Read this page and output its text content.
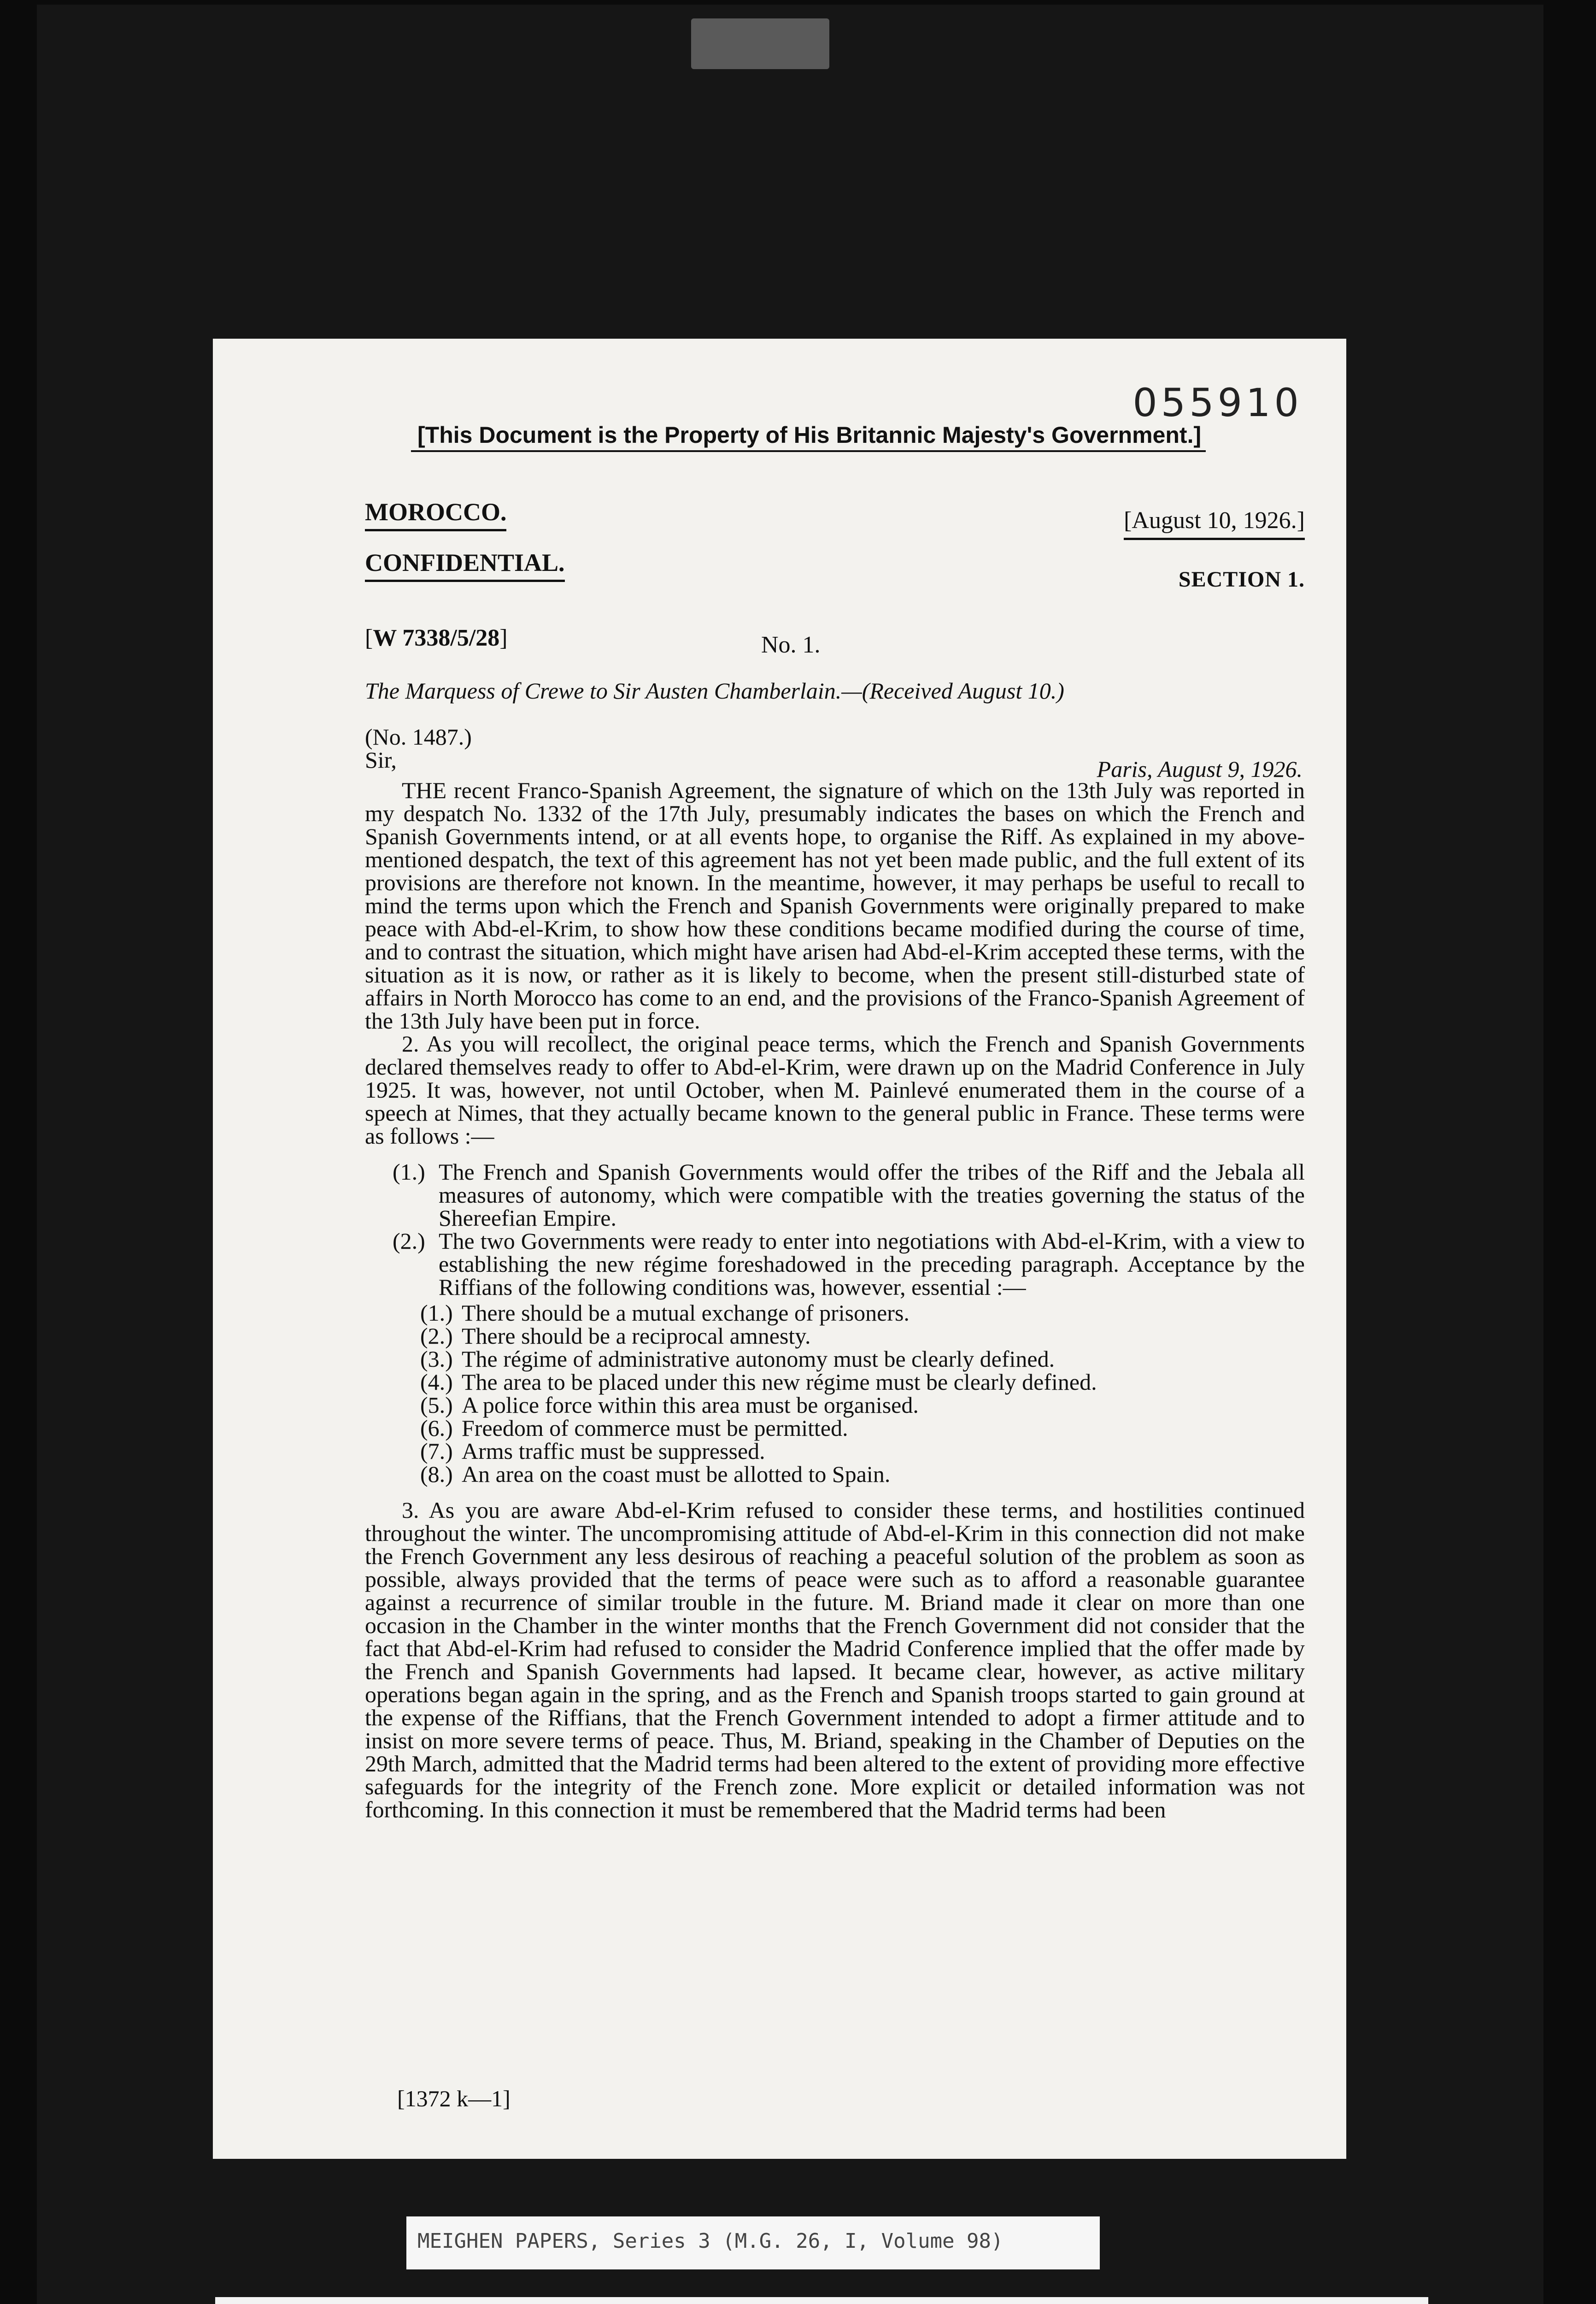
055910
[ This Document is the Property of His Britannic Majesty's Government. ]
MOROCCO.
CONFIDENTIAL.
[ August 10, 1926. ]
SECTION 1.
[ W 7338/5/28 ]	No. 1.
The Marquess of Crewe to Sir Austen Chamberlain.—(Received August 10.)
(No. 1487.)
Sir,	Paris, August 9, 1926.

THE recent Franco-Spanish Agreement, the signature of which on the 13th July was reported in my despatch No. 1332 of the 17th July, presumably indicates the bases on which the French and Spanish Governments intend, or at all events hope, to organise the Riff. As explained in my above-mentioned despatch, the text of this agreement has not yet been made public, and the full extent of its provisions are therefore not known. In the meantime, however, it may perhaps be useful to recall to mind the terms upon which the French and Spanish Governments were originally prepared to make peace with Abd-el-Krim, to show how these conditions became modified during the course of time, and to contrast the situation, which might have arisen had Abd-el-Krim accepted these terms, with the situation as it is now, or rather as it is likely to become, when the present still-disturbed state of affairs in North Morocco has come to an end, and the provisions of the Franco-Spanish Agreement of the 13th July have been put in force.

2. As you will recollect, the original peace terms, which the French and Spanish Governments declared themselves ready to offer to Abd-el-Krim, were drawn up on the Madrid Conference in July 1925. It was, however, not until October, when M. Painlevé enumerated them in the course of a speech at Nimes, that they actually became known to the general public in France. These terms were as follows :—

(1.) The French and Spanish Governments would offer the tribes of the Riff and the Jebala all measures of autonomy, which were compatible with the treaties governing the status of the Shereefian Empire.
(2.) The two Governments were ready to enter into negotiations with Abd-el-Krim, with a view to establishing the new régime foreshadowed in the preceding paragraph. Acceptance by the Riffians of the following conditions was, however, essential :—
(1.) There should be a mutual exchange of prisoners.
(2.) There should be a reciprocal amnesty.
(3.) The régime of administrative autonomy must be clearly defined.
(4.) The area to be placed under this new régime must be clearly defined.
(5.) A police force within this area must be organised.
(6.) Freedom of commerce must be permitted.
(7.) Arms traffic must be suppressed.
(8.) An area on the coast must be allotted to Spain.

3. As you are aware Abd-el-Krim refused to consider these terms, and hostilities continued throughout the winter. The uncompromising attitude of Abd-el-Krim in this connection did not make the French Government any less desirous of reaching a peaceful solution of the problem as soon as possible, always provided that the terms of peace were such as to afford a reasonable guarantee against a recurrence of similar trouble in the future. M. Briand made it clear on more than one occasion in the Chamber in the winter months that the French Government did not consider that the fact that Abd-el-Krim had refused to consider the Madrid Conference implied that the offer made by the French and Spanish Governments had lapsed. It became clear, however, as active military operations began again in the spring, and as the French and Spanish troops started to gain ground at the expense of the Riffians, that the French Government intended to adopt a firmer attitude and to insist on more severe terms of peace. Thus, M. Briand, speaking in the Chamber of Deputies on the 29th March, admitted that the Madrid terms had been altered to the extent of providing more effective safeguards for the integrity of the French zone. More explicit or detailed information was not forthcoming. In this connection it must be remembered that the Madrid terms had been

[ 1372 k—1 ]
MEIGHEN PAPERS, Series 3 (M.G. 26, I, Volume 98)
